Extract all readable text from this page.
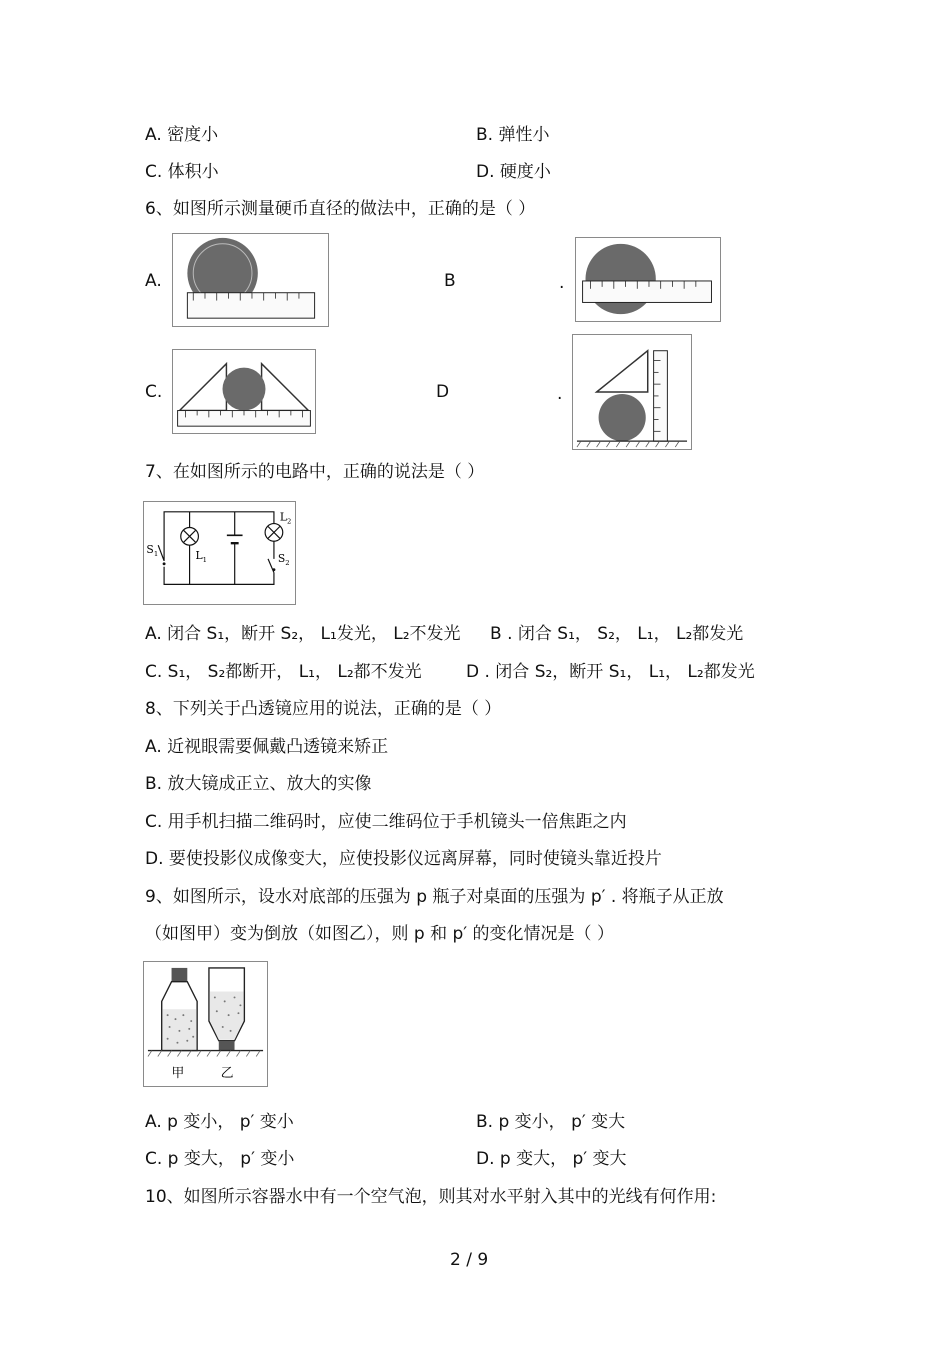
A. 密度小	B. 弹性小
C. 体积小	D. 硬度小
6、如图所示测量硬币直径的做法中，正确的是（ ）
A.	B	.
C.	D	.
7、在如图所示的电路中，正确的说法是（ ）
$S_1$	$L_1$
$L_2$
$S_2$
A. 闭合 S₁，断开 S₂， L₁发光， L₂不发光 B . 闭合 S₁， S₂， L₁， L₂都发光
C. S₁， S₂都断开， L₁， L₂都不发光	D . 闭合 S₂，断开 S₁， L₁， L₂都发光
8、下列关于凸透镜应用的说法，正确的是（ ）
A. 近视眼需要佩戴凸透镜来矫正
B. 放大镜成正立、放大的实像
C. 用手机扫描二维码时，应使二维码位于手机镜头一倍焦距之内
D. 要使投影仪成像变大，应使投影仪远离屏幕，同时使镜头靠近投片
9、如图所示，设水对底部的压强为 p 瓶子对桌面的压强为 p′ . 将瓶子从正放
（如图甲）变为倒放（如图乙），则 p 和 p′ 的变化情况是（ ）
甲	乙
A. p 变小， p′ 变小	B. p 变小， p′ 变大
C. p 变大， p′ 变小	D. p 变大， p′ 变大
10、如图所示容器水中有一个空气泡，则其对水平射入其中的光线有何作用:
2 / 9
